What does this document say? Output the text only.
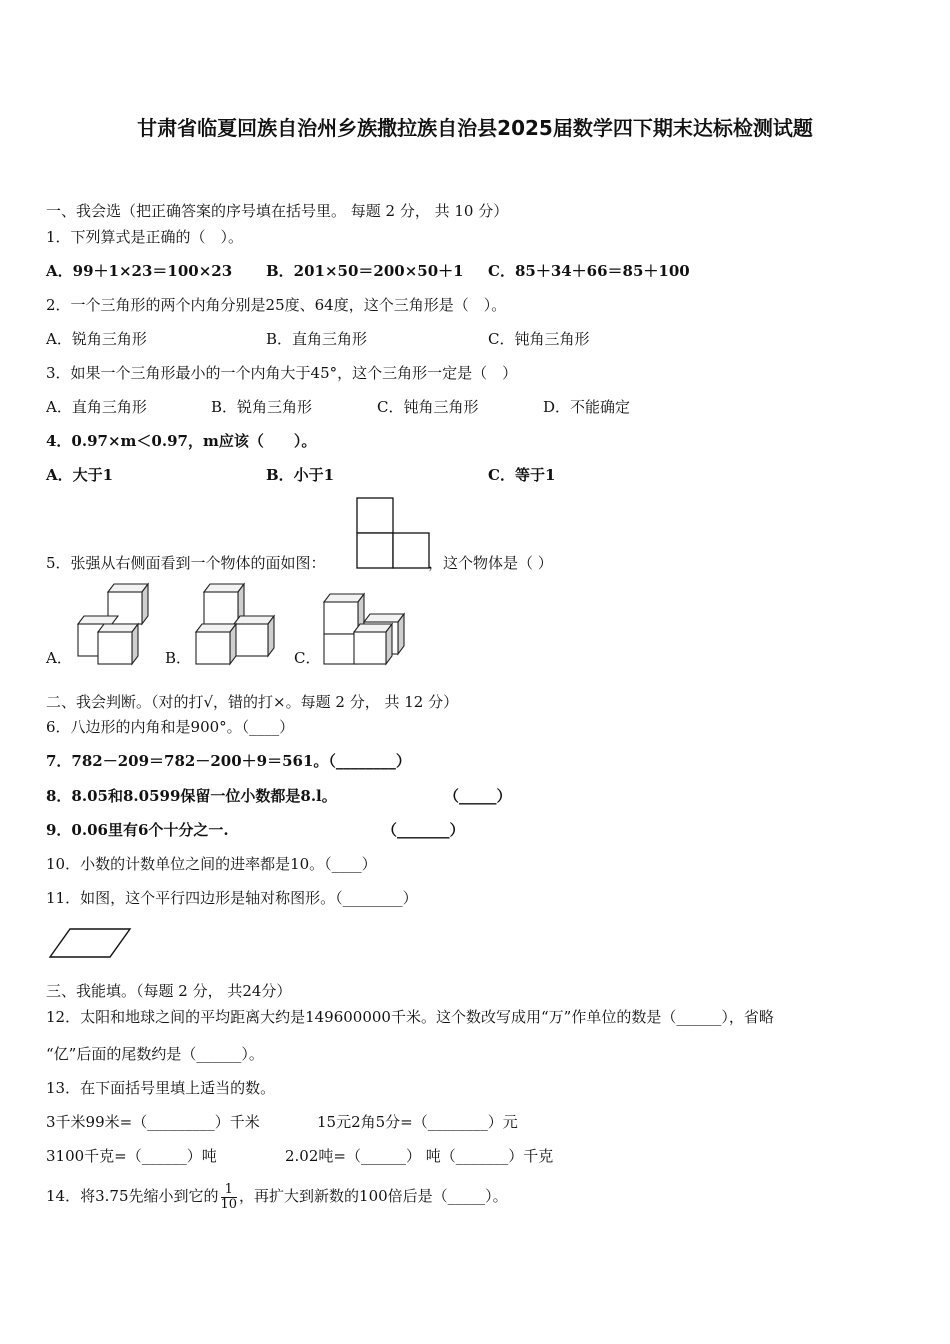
甘肃省临夏回族自治州乡族撒拉族自治县2025届数学四下期末达标检测试题
一、我会选（把正确答案的序号填在括号里。 每题 2 分， 共 10 分）
1．下列算式是正确的（　）。
A．99＋1×23＝100×23 B．201×50＝200×50＋1 C．85＋34＋66＝85＋100
2．一个三角形的两个内角分别是25度、64度，这个三角形是（　）。
A．锐角三角形	B．直角三角形	C．钝角三角形
3．如果一个三角形最小的一个内角大于45°，这个三角形一定是（　）
A．直角三角形	B．锐角三角形	C．钝角三角形	D．不能确定
4．0.97×m＜0.97，m应该（　　）。
A．大于1	B．小于1	C．等于1
5．张强从右侧面看到一个物体的面如图：	，这个物体是（ ）
A．	B．	C．
二、我会判断。（对的打√，错的打×。每题 2 分， 共 12 分）
6．八边形的内角和是900°。（____）
7．782－209＝782－200＋9＝561。（________）
8．8.05和8.0599保留一位小数都是8.l。	（_____）
9．0.06里有6个十分之一.	（_______）
10．小数的计数单位之间的进率都是10。（____）
11．如图，这个平行四边形是轴对称图形。（________）
三、我能填。（每题 2 分， 共24分）
12．太阳和地球之间的平均距离大约是149600000千米。这个数改写成用“万”作单位的数是（______），省略
“亿”后面的尾数约是（______）。
13．在下面括号里填上适当的数。
3千米99米=（_________）千米	15元2角5分=（________）元
3100千克=（______）吨	2.02吨=（______） 吨（_______）千克
14．将3.75先缩小到它的 $\frac{1}{10}$ ，再扩大到新数的100倍后是（_____）。
